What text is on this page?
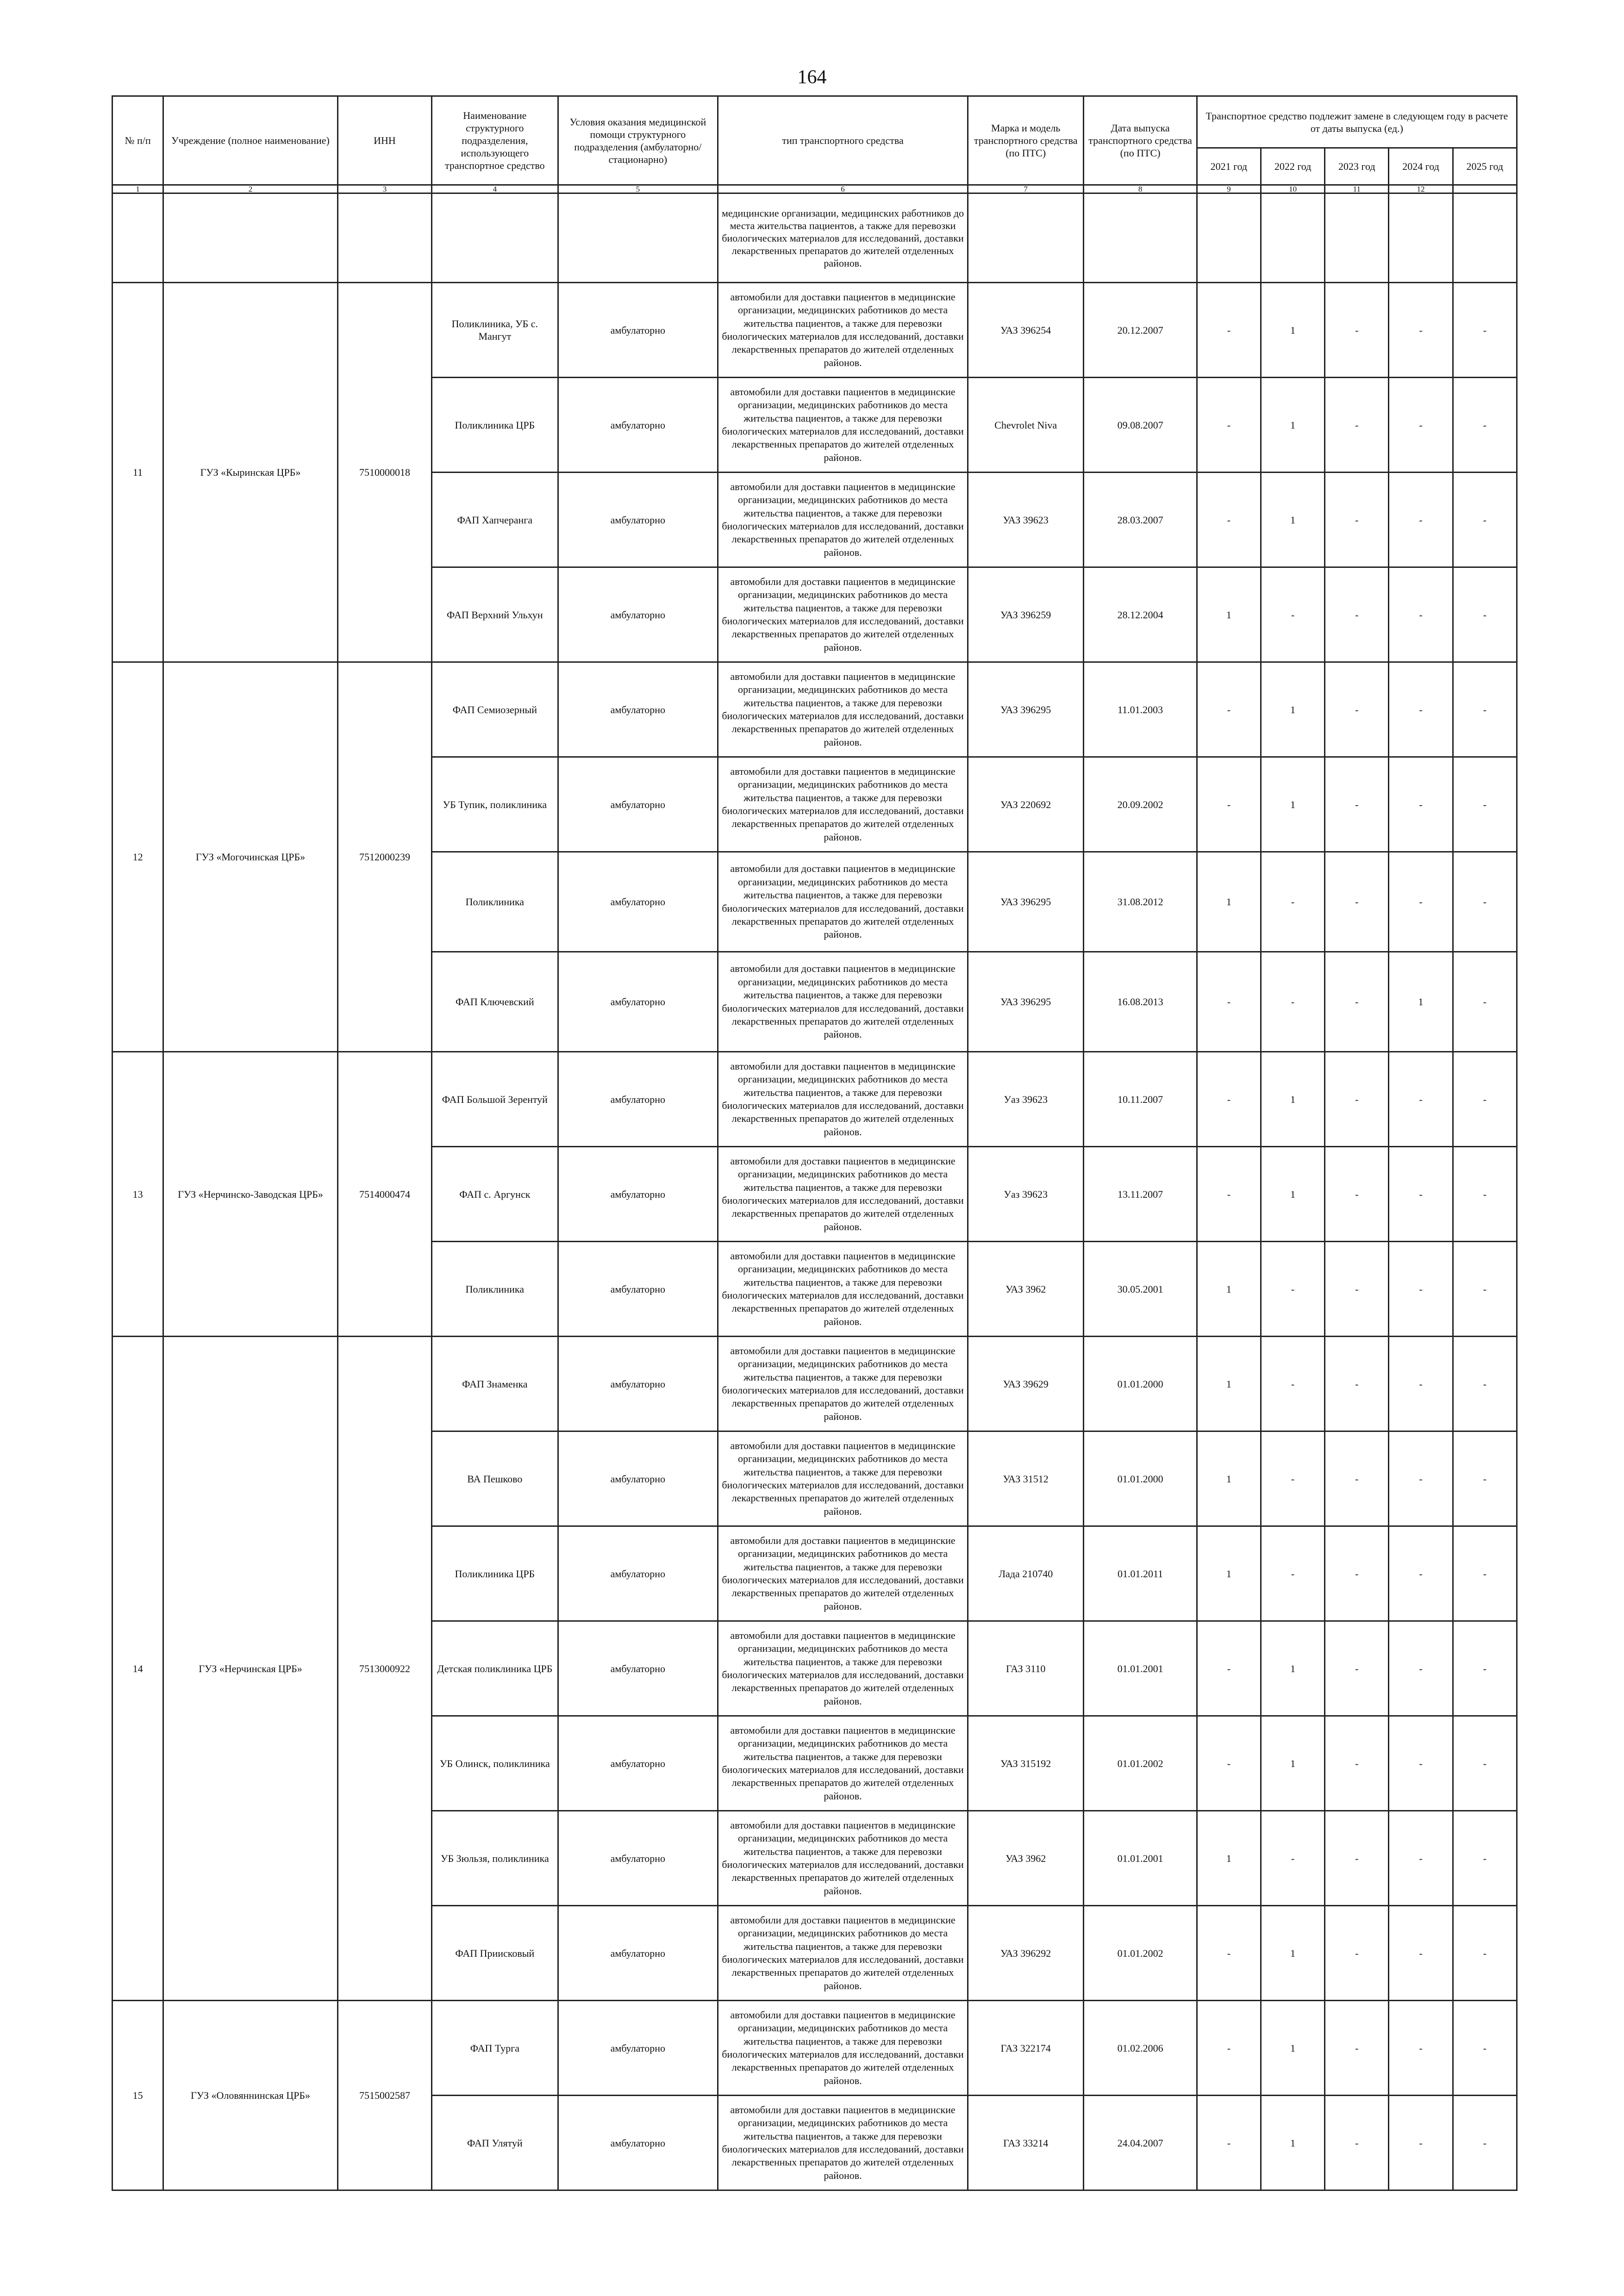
164
№ п/п	Учреждение (полное наименование)	ИНН	Наименование структурного подразделения, использующего транспортное средство	Условия оказания медицинской помощи структурного подразделения (амбулаторно/стационарно)	тип транспортного средства	Марка и модель транспортного средства (по ПТС)	Дата выпуска транспортного средства (по ПТС)	Транспортное средство подлежит замене в следующем году в расчете от даты выпуска (ед.)				
								2021 год	2022 год	2023 год	2024 год	2025 год
1	2	3	4	5	6	7	8	9	10	11	12	
					медицинские организации, медицинских работников до места жительства пациентов, а также для перевозки биологических материалов для исследований, доставки лекарственных препаратов до жителей отделенных районов.							
11	ГУЗ «Кыринская ЦРБ»	7510000018	Поликлиника, УБ с. Мангут	амбулаторно	автомобили для доставки пациентов в медицинские организации, медицинских работников до места жительства пациентов, а также для перевозки биологических материалов для исследований, доставки лекарственных препаратов до жителей отделенных районов.	УАЗ 396254	20.12.2007	-	1	-	-	-
			Поликлиника ЦРБ	амбулаторно	автомобили для доставки пациентов в медицинские организации, медицинских работников до места жительства пациентов, а также для перевозки биологических материалов для исследований, доставки лекарственных препаратов до жителей отделенных районов.	Chevrolet Niva	09.08.2007	-	1	-	-	-
			ФАП Хапчеранга	амбулаторно	автомобили для доставки пациентов в медицинские организации, медицинских работников до места жительства пациентов, а также для перевозки биологических материалов для исследований, доставки лекарственных препаратов до жителей отделенных районов.	УАЗ 39623	28.03.2007	-	1	-	-	-
			ФАП Верхний Ульхун	амбулаторно	автомобили для доставки пациентов в медицинские организации, медицинских работников до места жительства пациентов, а также для перевозки биологических материалов для исследований, доставки лекарственных препаратов до жителей отделенных районов.	УАЗ 396259	28.12.2004	1	-	-	-	-
12	ГУЗ «Могочинская ЦРБ»	7512000239	ФАП Семиозерный	амбулаторно	автомобили для доставки пациентов в медицинские организации, медицинских работников до места жительства пациентов, а также для перевозки биологических материалов для исследований, доставки лекарственных препаратов до жителей отделенных районов.	УАЗ 396295	11.01.2003	-	1	-	-	-
			УБ Тупик, поликлиника	амбулаторно	автомобили для доставки пациентов в медицинские организации, медицинских работников до места жительства пациентов, а также для перевозки биологических материалов для исследований, доставки лекарственных препаратов до жителей отделенных районов.	УАЗ 220692	20.09.2002	-	1	-	-	-
			Поликлиника	амбулаторно	автомобили для доставки пациентов в медицинские организации, медицинских работников до места жительства пациентов, а также для перевозки биологических материалов для исследований, доставки лекарственных препаратов до жителей отделенных районов.	УАЗ 396295	31.08.2012	1	-	-	-	-
			ФАП Ключевский	амбулаторно	автомобили для доставки пациентов в медицинские организации, медицинских работников до места жительства пациентов, а также для перевозки биологических материалов для исследований, доставки лекарственных препаратов до жителей отделенных районов.	УАЗ 396295	16.08.2013	-	-	-	1	-
13	ГУЗ «Нерчинско-Заводская ЦРБ»	7514000474	ФАП Большой Зерентуй	амбулаторно	автомобили для доставки пациентов в медицинские организации, медицинских работников до места жительства пациентов, а также для перевозки биологических материалов для исследований, доставки лекарственных препаратов до жителей отделенных районов.	Уаз 39623	10.11.2007	-	1	-	-	-
			ФАП с. Аргунск	амбулаторно	автомобили для доставки пациентов в медицинские организации, медицинских работников до места жительства пациентов, а также для перевозки биологических материалов для исследований, доставки лекарственных препаратов до жителей отделенных районов.	Уаз 39623	13.11.2007	-	1	-	-	-
			Поликлиника	амбулаторно	автомобили для доставки пациентов в медицинские организации, медицинских работников до места жительства пациентов, а также для перевозки биологических материалов для исследований, доставки лекарственных препаратов до жителей отделенных районов.	УАЗ 3962	30.05.2001	1	-	-	-	-
14	ГУЗ «Нерчинская ЦРБ»	7513000922	ФАП Знаменка	амбулаторно	автомобили для доставки пациентов в медицинские организации, медицинских работников до места жительства пациентов, а также для перевозки биологических материалов для исследований, доставки лекарственных препаратов до жителей отделенных районов.	УАЗ 39629	01.01.2000	1	-	-	-	-
			ВА Пешково	амбулаторно	автомобили для доставки пациентов в медицинские организации, медицинских работников до места жительства пациентов, а также для перевозки биологических материалов для исследований, доставки лекарственных препаратов до жителей отделенных районов.	УАЗ 31512	01.01.2000	1	-	-	-	-
			Поликлиника ЦРБ	амбулаторно	автомобили для доставки пациентов в медицинские организации, медицинских работников до места жительства пациентов, а также для перевозки биологических материалов для исследований, доставки лекарственных препаратов до жителей отделенных районов.	Лада 210740	01.01.2011	1	-	-	-	-
			Детская поликлиника ЦРБ	амбулаторно	автомобили для доставки пациентов в медицинские организации, медицинских работников до места жительства пациентов, а также для перевозки биологических материалов для исследований, доставки лекарственных препаратов до жителей отделенных районов.	ГАЗ 3110	01.01.2001	-	1	-	-	-
			УБ Олинск, поликлиника	амбулаторно	автомобили для доставки пациентов в медицинские организации, медицинских работников до места жительства пациентов, а также для перевозки биологических материалов для исследований, доставки лекарственных препаратов до жителей отделенных районов.	УАЗ 315192	01.01.2002	-	1	-	-	-
			УБ Зюльзя, поликлиника	амбулаторно	автомобили для доставки пациентов в медицинские организации, медицинских работников до места жительства пациентов, а также для перевозки биологических материалов для исследований, доставки лекарственных препаратов до жителей отделенных районов.	УАЗ 3962	01.01.2001	1	-	-	-	-
			ФАП Приисковый	амбулаторно	автомобили для доставки пациентов в медицинские организации, медицинских работников до места жительства пациентов, а также для перевозки биологических материалов для исследований, доставки лекарственных препаратов до жителей отделенных районов.	УАЗ 396292	01.01.2002	-	1	-	-	-
15	ГУЗ «Оловяннинская ЦРБ»	7515002587	ФАП Турга	амбулаторно	автомобили для доставки пациентов в медицинские организации, медицинских работников до места жительства пациентов, а также для перевозки биологических материалов для исследований, доставки лекарственных препаратов до жителей отделенных районов.	ГАЗ 322174	01.02.2006	-	1	-	-	-
			ФАП Улятуй	амбулаторно	автомобили для доставки пациентов в медицинские организации, медицинских работников до места жительства пациентов, а также для перевозки биологических материалов для исследований, доставки лекарственных препаратов до жителей отделенных районов.	ГАЗ 33214	24.04.2007	-	1	-	-	-
